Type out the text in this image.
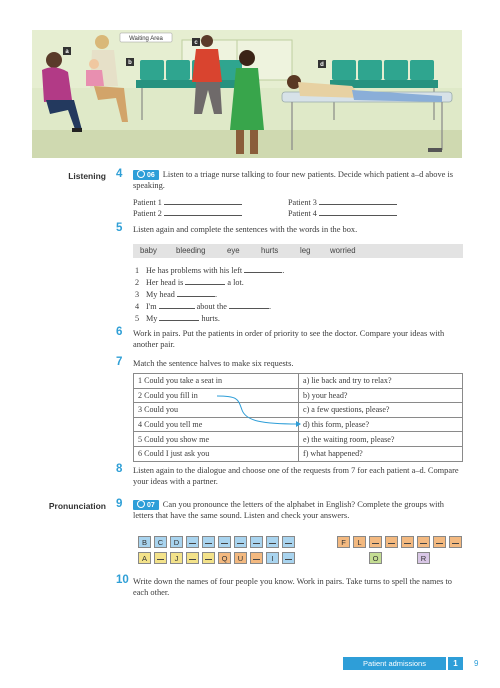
Waiting Area
a
b
c
d
Listening 4	06 Listen to a triage nurse talking to four new patients. Decide which patient a–d above is speaking.
Patient 1
Patient 2
Patient 3
Patient 4
5	Listen again and complete the sentences with the words in the box.
baby bleeding	eye	hurts	leg	worried
1 He has problems with his left	.
2 Her head is	a lot.
3 My head	.
4 I'm	about the	.
5 My	hurts.
6	Work in pairs. Put the patients in order of priority to see the doctor. Compare your ideas with another pair.
7	Match the sentence halves to make six requests.
1 Could you take a seat in	a) lie back and try to relax?
2 Could you fill in	b) your head?
3 Could you	c) a few questions, please?
4 Could you tell me	d) this form, please?
5 Could you show me	e) the waiting room, please?
6 Could I just ask you	f) what happened?
8	Listen again to the dialogue and choose one of the requests from 7 for each patient a–d. Compare your ideas with a partner.
Pronunciation 9	07 Can you pronounce the letters of the alphabet in English? Complete the groups with letters that have the same sound. Listen and check your answers.
B	C	D
A	J	Q	U	I
F	L
O	R
10 Write down the names of four people you know. Work in pairs. Take turns to spell the names to each other.
Patient admissions	1	9
